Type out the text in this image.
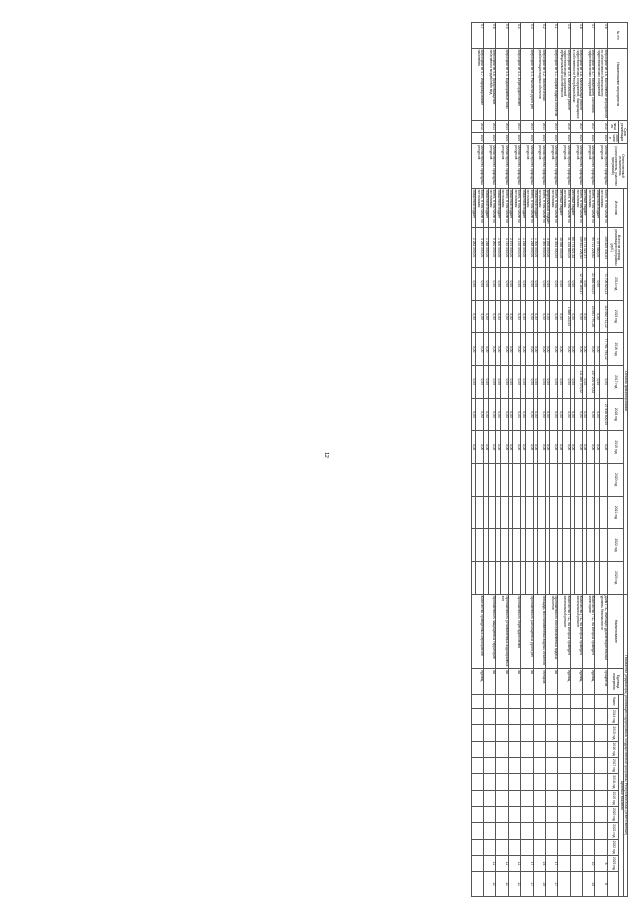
12
№ п/п	Наименование мероприятия	Срок реализации		Ответственный исполнитель (соисполнитель, участник программы)	Объемы финансирования												Показатели (индикаторы) реализации подпрограммы государственной программы Республики Коми (ответственные)													
					Источник	Всего на период реализации программы (руб.)	2014 год	2015 год	2016 год	2017 год	2018 год	2019 год	2020 год	2021 год	2022 год	2023 год	Наименование	Единица измерения	Целевые значения											
		начало	окончание																базис	2014 год	2015 год	2016 год	2017 год	2018 год	2019 год	2020 год	2021 год	2022 год	2023 год	
4.6	Мероприятие 4.6. Выполнение мероприятий по обеспечению безопасности гидротехнических сооружений	2016	2023	Министерство природных ресурсов	Всего, в том числе по источникам	155 829 404,63	71 706 624,14	115 062 711,12	77 761 794,12	0,00	27 908 600,00	0,00					Доля ГТС, имеющих удовлетворительный уровень безопасности	процентов											6	6
					областной бюджет	1 077 580,00	0,00	0,00	0,00	0,00	0,00	0,00																		
4.7	Мероприятие 4.7. Мониторинг состояния гидротехнических сооружений	2017	2023	Министерство природных ресурсов	Всего, в том числе по источникам	95 711 226,62	21 866 004,57	23 691 757,26	0,00	107 200 070,52	0,00	0,00					Количество ГТС, на которых проведен мониторинг	единиц											10	10
					местный бюджет	45 774 021,57	0,00	0,00	0,00	0,00	0,00	0,00																		
4.8	Мероприятие 4.8. Капитальный ремонт гидротехнических сооружений, находящихся в собственности Республики Коми	2017	2023	Министерство природных ресурсов	Всего, в том числе по источникам	109 811 226,82	12 798 165,47	0,00	0,00	111 280 070,52	0,00	0,00					Количество ГТС, на которых проведен капитальный ремонт	единиц												
					местный бюджет	65 774 521,52	0,00	0,00	0,00	0,00	0,00	0,00																		
4.9	Мероприятие 4.9. Капитальный ремонт гидротехнических сооружений муниципальной собственности	2018	2023	Министерство природных ресурсов	Всего, в том числе по источникам	31 152 880,00	0,00	1 886 243,00	0,00	0,00	0,00	0,00					Количество ГТС, на которых проведен капитальный ремонт	единиц												
					местный бюджет	19 396 000,00	0,00	0,00	0,00	0,00	0,00	0,00																		
5.1	Мероприятие 5.1. Охрана водных объектов	2014	2023	Министерство природных ресурсов	Всего, в том числе по источникам	11 854 000,00	0,00	0,00	0,00	0,00	0,00	0,00					Протяженность восстановленных водных объектов	км											17	17
					федеральный бюджет	4 165 000,00	0,00	0,00	0,00	0,00	0,00	0,00																		
5.2	Мероприятие 5.2. Экологическая реабилитация водных объектов	2014	2023	Министерство природных ресурсов	Всего, в том числе по источникам	3 050 000,00	0,00	0,00	0,00	0,00	0,00	0,00					Площадь восстановленных водных объектов	гектаров											15	15
					областной бюджет	1 000 000,00	0,00	0,00	0,00	0,00	0,00	0,00																		
5.3	Мероприятие 5.3. Расчистка русел рек	2014	2023	Министерство природных ресурсов	Всего, в том числе по источникам	1 248 000,00	0,00	0,00	0,00	0,00	0,00	0,00					Протяженность расчищенных русел рек	км											17	17
					областной бюджет	1 248 000,00	0,00	0,00	0,00	0,00	0,00	0,00																		
5.4	Мероприятие 5.4. Берегоукрепление	2014	2023	Министерство природных ресурсов	Всего, в том числе по источникам	4 130 000,00	0,00	0,00	0,00	0,00	0,00	0,00					Протяженность берегоукрепления	км											11	11
					областной бюджет	2 470 000,00	0,00	0,00	0,00	0,00	0,00	0,00																		
5.5	Мероприятие 5.5. Водоохранные зоны	2014	2023	Министерство природных ресурсов	Всего, в том числе по источникам	4 740 000,00	0,00	0,00	0,00	0,00	0,00	0,00					Протяженность установленных водоохранных зон	км											11	11
					областной бюджет	1 500 000,00	0,00	0,00	0,00	0,00	0,00	0,00																		
5.6	Мероприятие 5.6. Предотвращение негативного воздействия вод	2014	2023	Министерство природных ресурсов	Всего, в том числе по источникам	5 260 000,00	0,00	0,00	0,00	0,00	0,00	0,00					Протяженность защищенных территорий	км											11	11
					областной бюджет	1 248 000,00	0,00	0,00	0,00	0,00	0,00	0,00																		
5.7	Мероприятие 5.7. Информирование населения	2019	2023	Министерство природных ресурсов	Всего, в том числе по источникам	3 045 000,00	0,00	0,00	0,00	0,00	0,00	0,00					Количество проведенных мероприятий	единиц												
					областной бюджет	2 283 000,00	0,00	0,00	0,00	0,00	0,00	0,00																		
